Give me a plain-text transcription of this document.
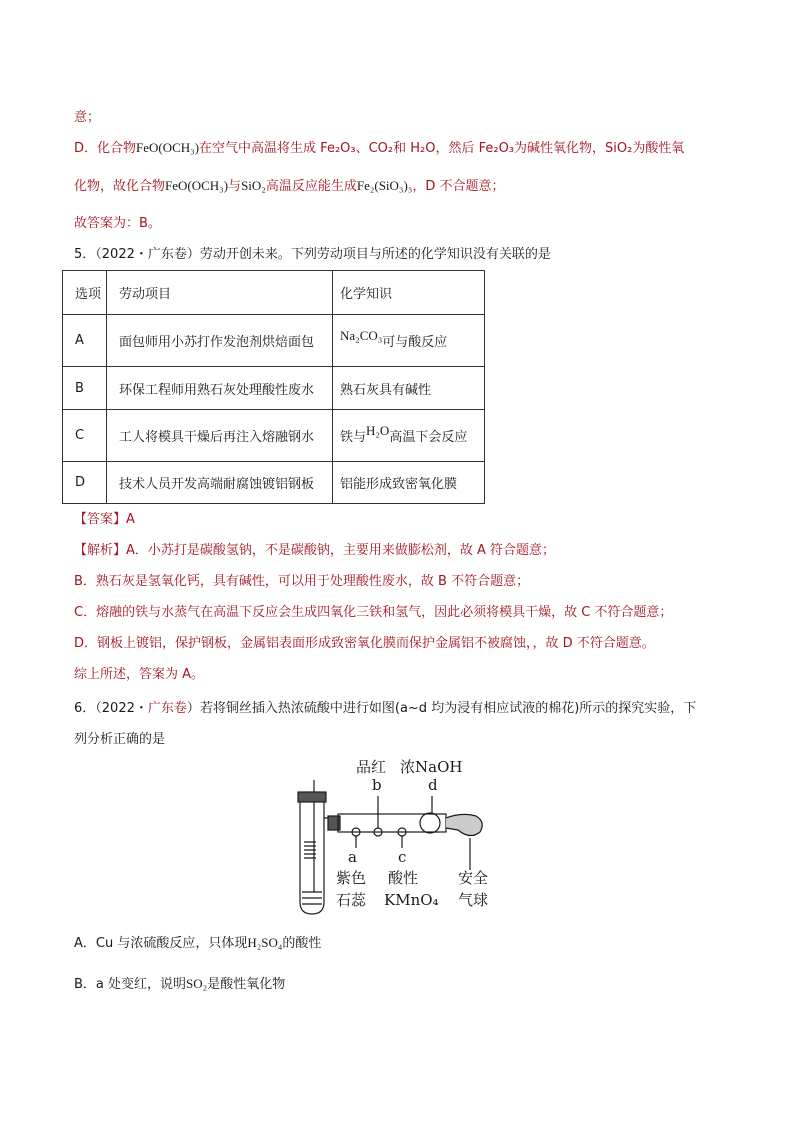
意；
D．化合物FeO(OCH₃)在空气中高温将生成 Fe₂O₃、CO₂和 H₂O，然后 Fe₂O₃为碱性氧化物，SiO₂为酸性氧
化物，故化合物FeO(OCH₃)与SiO₂高温反应能生成Fe₂(SiO₃)₃，D 不合题意；
故答案为：B。
5．（2022・广东卷）劳动开创未来。下列劳动项目与所述的化学知识没有关联的是
选项	劳动项目	化学知识
A	面包师用小苏打作发泡剂烘焙面包	Na₂CO₃可与酸反应
B	环保工程师用熟石灰处理酸性废水	熟石灰具有碱性
C	工人将模具干燥后再注入熔融钢水	铁与H₂O高温下会反应
D	技术人员开发高端耐腐蚀镀铝钢板	铝能形成致密氧化膜
【答案】A
【解析】A．小苏打是碳酸氢钠，不是碳酸钠，主要用来做膨松剂，故 A 符合题意；
B．熟石灰是氢氧化钙，具有碱性，可以用于处理酸性废水，故 B 不符合题意；
C．熔融的铁与水蒸气在高温下反应会生成四氧化三铁和氢气，因此必须将模具干燥，故 C 不符合题意；
D．钢板上镀铝，保护钢板，金属铝表面形成致密氧化膜而保护金属铝不被腐蚀，，故 D 不符合题意。
综上所述，答案为 A。
6．（2022・广东卷）若将铜丝插入热浓硫酸中进行如图(a~d 均为浸有相应试液的棉花)所示的探究实验，下
列分析正确的是
品红 浓NaOH
b	d
a	c
紫色
石蕊
酸性
KMnO₄
安全
气球
A．Cu 与浓硫酸反应，只体现H₂SO₄的酸性
B．a 处变红，说明SO₂是酸性氧化物
